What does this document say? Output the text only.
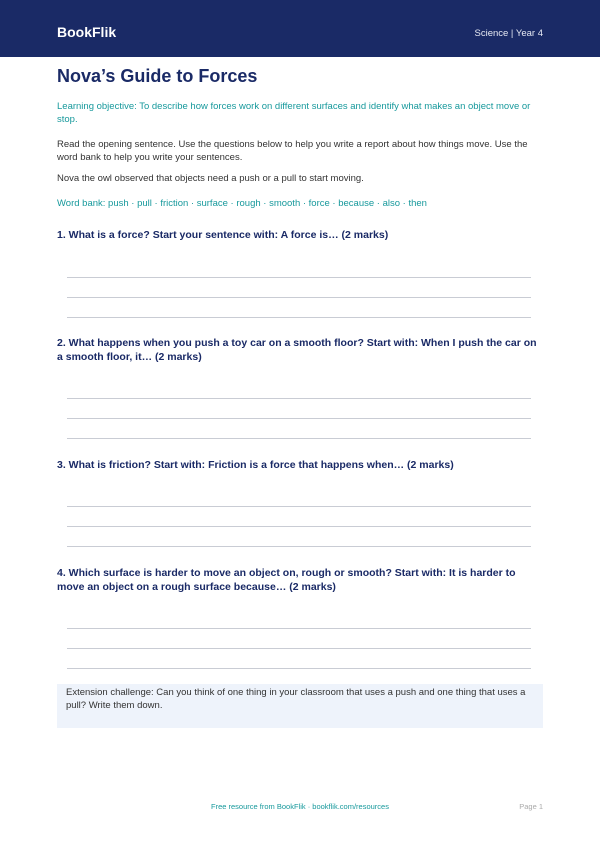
BookFlik	Science | Year 4
Nova’s Guide to Forces
Learning objective: To describe how forces work on different surfaces and identify what makes an object move or stop.
Read the opening sentence. Use the questions below to help you write a report about how things move. Use the word bank to help you write your sentences.
Nova the owl observed that objects need a push or a pull to start moving.
Word bank: push · pull · friction · surface · rough · smooth · force · because · also · then
1. What is a force? Start your sentence with: A force is… (2 marks)
2. What happens when you push a toy car on a smooth floor? Start with: When I push the car on a smooth floor, it… (2 marks)
3. What is friction? Start with: Friction is a force that happens when… (2 marks)
4. Which surface is harder to move an object on, rough or smooth? Start with: It is harder to move an object on a rough surface because… (2 marks)
Extension challenge: Can you think of one thing in your classroom that uses a push and one thing that uses a pull? Write them down.
Free resource from BookFlik · bookflik.com/resources	Page 1
